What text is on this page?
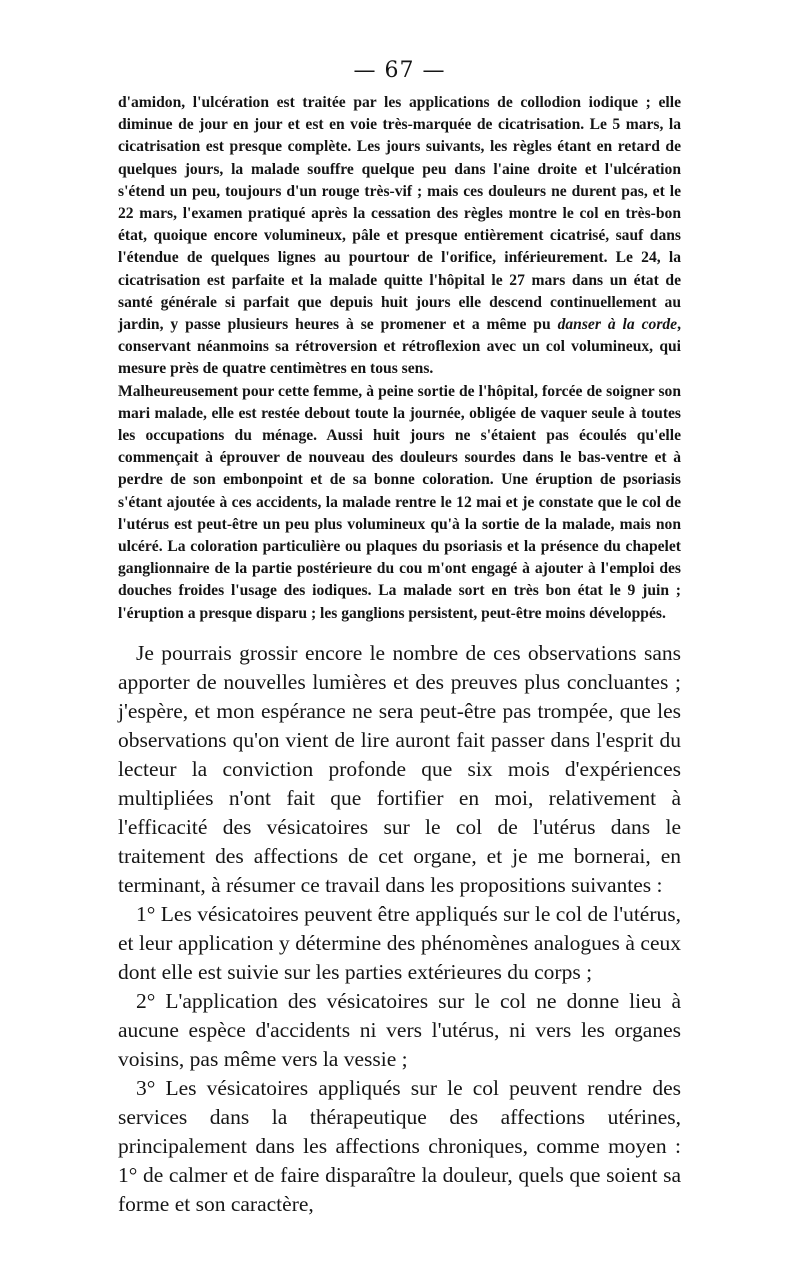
— 67 —

d'amidon, l'ulcération est traitée par les applications de collodion iodique ; elle diminue de jour en jour et est en voie très-marquée de cicatrisation. Le 5 mars, la cicatrisation est presque complète. Les jours suivants, les règles étant en retard de quelques jours, la malade souffre quelque peu dans l'aine droite et l'ulcération s'étend un peu, toujours d'un rouge très-vif ; mais ces douleurs ne durent pas, et le 22 mars, l'examen pratiqué après la cessation des règles montre le col en très-bon état, quoique encore volumineux, pâle et presque entièrement cicatrisé, sauf dans l'étendue de quelques lignes au pourtour de l'orifice, inférieurement. Le 24, la cicatrisation est parfaite et la malade quitte l'hôpital le 27 mars dans un état de santé générale si parfait que depuis huit jours elle descend continuellement au jardin, y passe plusieurs heures à se promener et a même pu danser à la corde, conservant néanmoins sa rétroversion et rétroflexion avec un col volumineux, qui mesure près de quatre centimètres en tous sens.

Malheureusement pour cette femme, à peine sortie de l'hôpital, forcée de soigner son mari malade, elle est restée debout toute la journée, obligée de vaquer seule à toutes les occupations du ménage. Aussi huit jours ne s'étaient pas écoulés qu'elle commençait à éprouver de nouveau des douleurs sourdes dans le bas-ventre et à perdre de son embonpoint et de sa bonne coloration. Une éruption de psoriasis s'étant ajoutée à ces accidents, la malade rentre le 12 mai et je constate que le col de l'utérus est peut-être un peu plus volumineux qu'à la sortie de la malade, mais non ulcéré. La coloration particulière ou plaques du psoriasis et la présence du chapelet ganglionnaire de la partie postérieure du cou m'ont engagé à ajouter à l'emploi des douches froides l'usage des iodiques. La malade sort en très bon état le 9 juin ; l'éruption a presque disparu ; les ganglions persistent, peut-être moins développés.

Je pourrais grossir encore le nombre de ces observations sans apporter de nouvelles lumières et des preuves plus concluantes ; j'espère, et mon espérance ne sera peut-être pas trompée, que les observations qu'on vient de lire auront fait passer dans l'esprit du lecteur la conviction profonde que six mois d'expériences multipliées n'ont fait que fortifier en moi, relativement à l'efficacité des vésicatoires sur le col de l'utérus dans le traitement des affections de cet organe, et je me bornerai, en terminant, à résumer ce travail dans les propositions suivantes :

1° Les vésicatoires peuvent être appliqués sur le col de l'utérus, et leur application y détermine des phénomènes analogues à ceux dont elle est suivie sur les parties extérieures du corps ;

2° L'application des vésicatoires sur le col ne donne lieu à aucune espèce d'accidents ni vers l'utérus, ni vers les organes voisins, pas même vers la vessie ;

3° Les vésicatoires appliqués sur le col peuvent rendre des services dans la thérapeutique des affections utérines, principalement dans les affections chroniques, comme moyen : 1° de calmer et de faire disparaître la douleur, quels que soient sa forme et son caractère,
